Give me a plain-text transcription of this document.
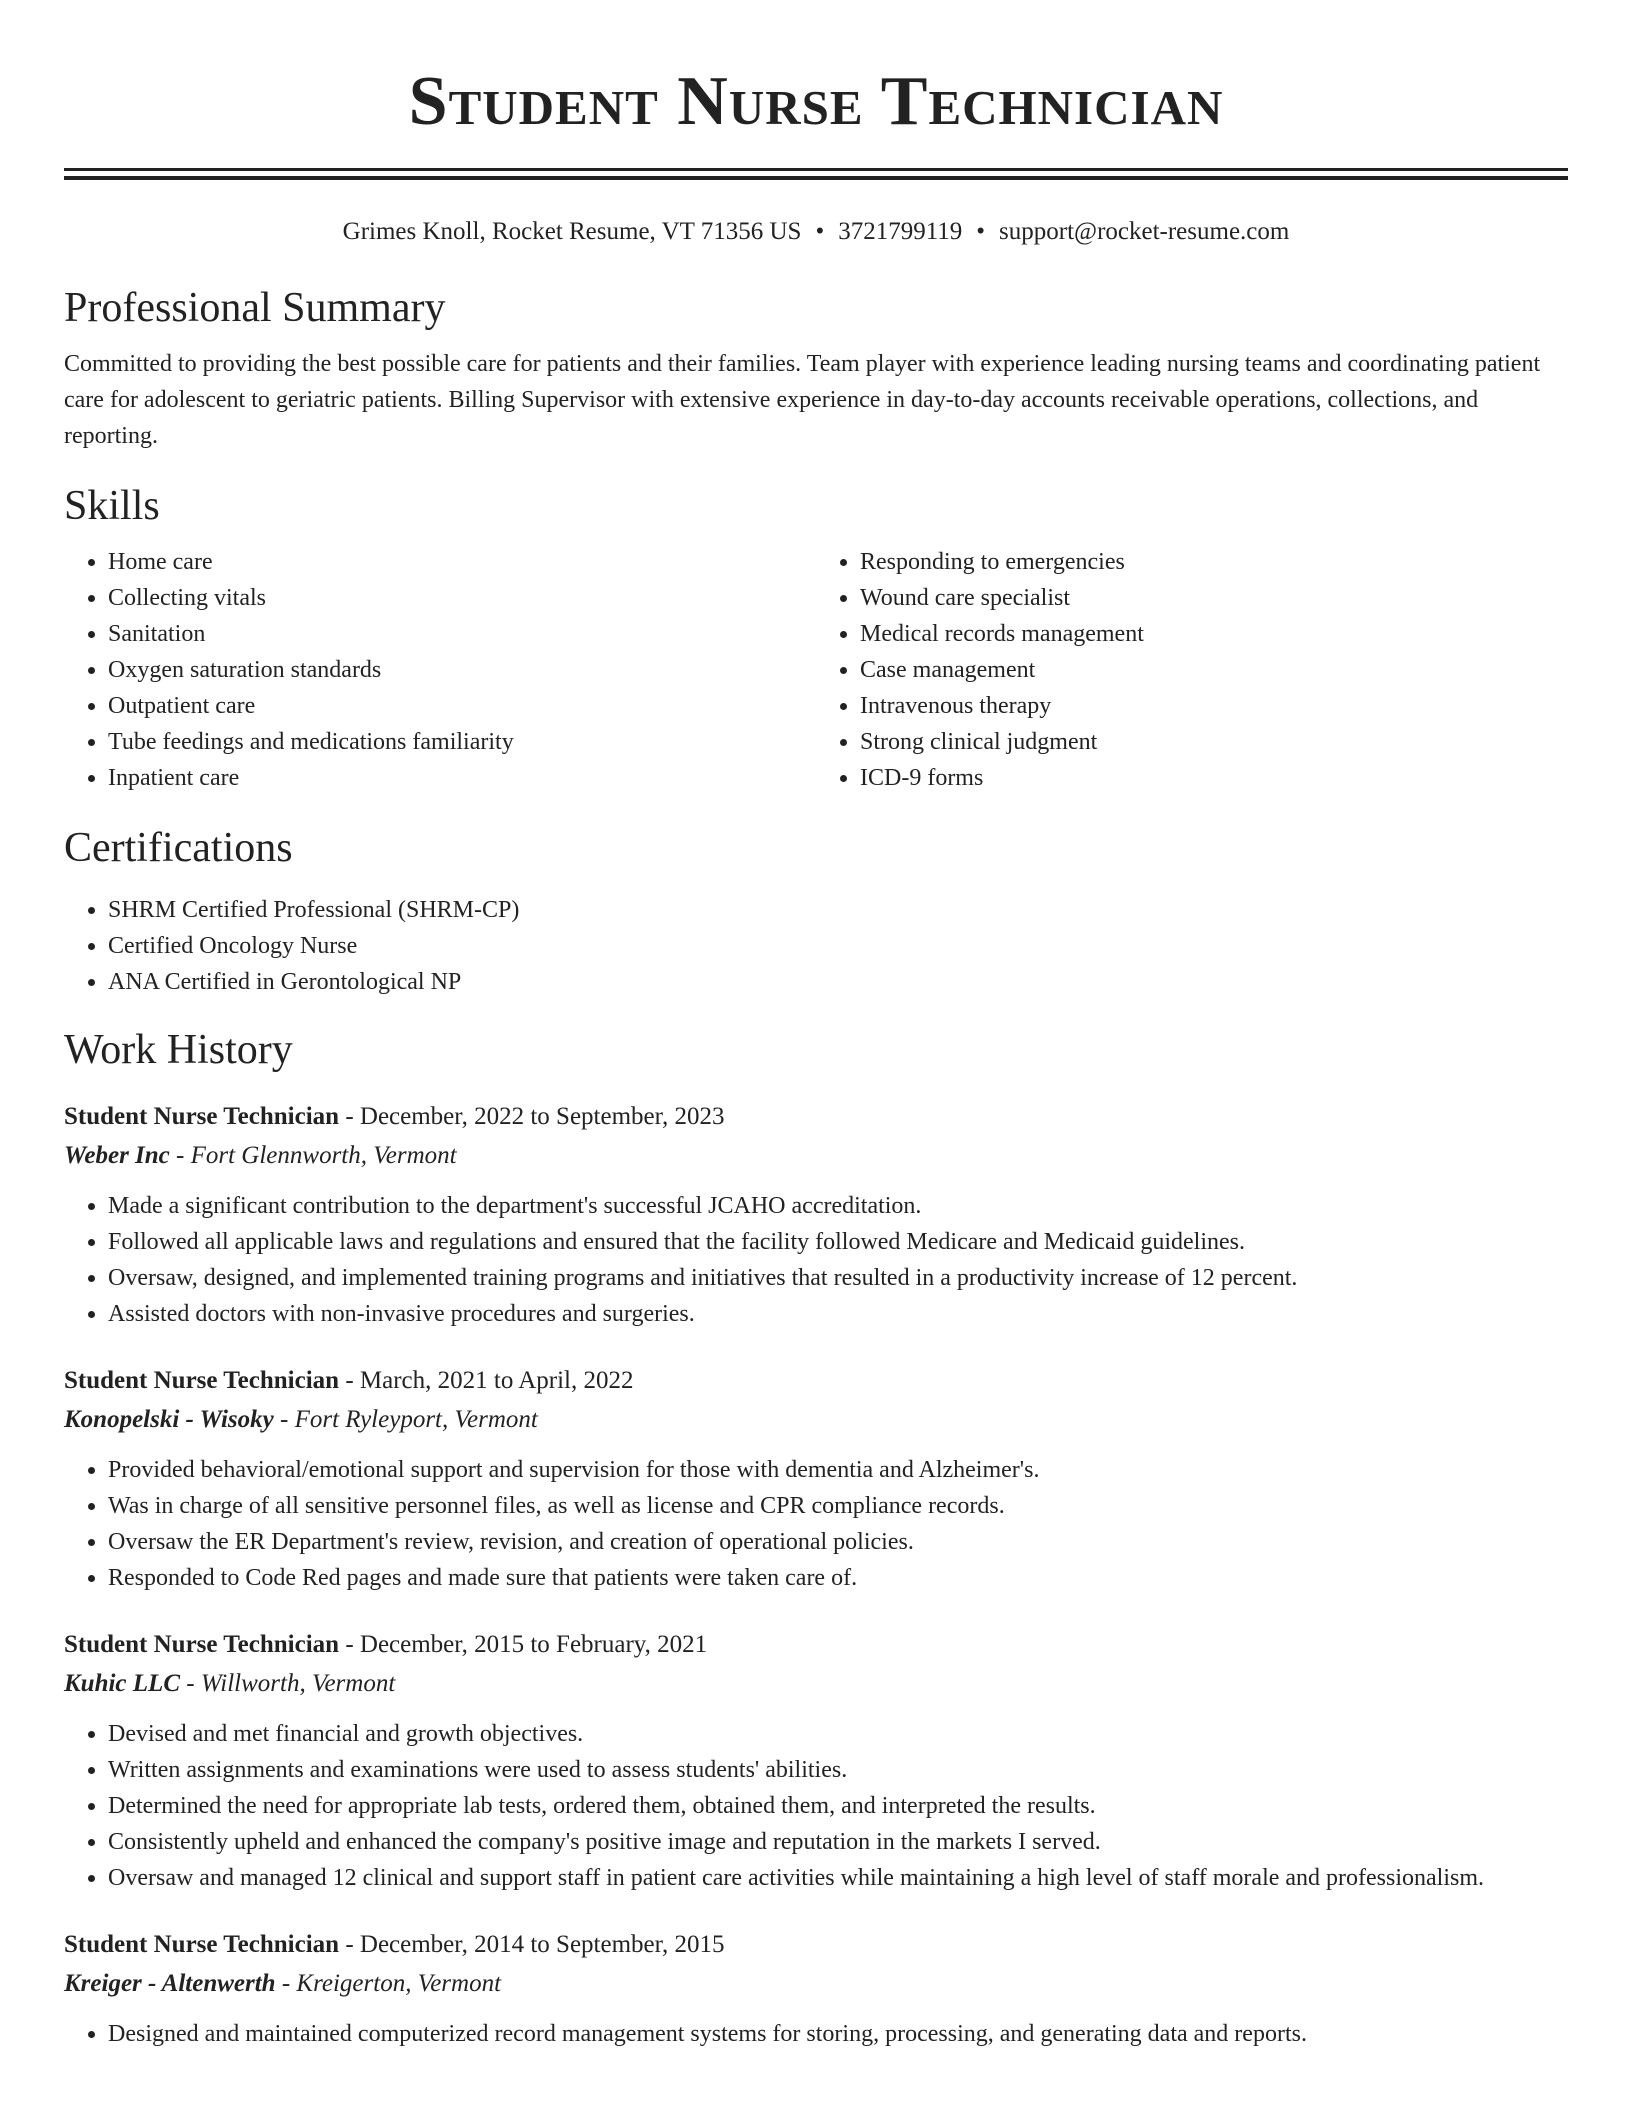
Student Nurse Technician
Grimes Knoll, Rocket Resume, VT 71356 US • 3721799119 • support@rocket-resume.com
Professional Summary

Committed to providing the best possible care for patients and their families. Team player with experience leading nursing teams and coordinating patient care for adolescent to geriatric patients. Billing Supervisor with extensive experience in day-to-day accounts receivable operations, collections, and reporting.

Skills
• Home care
• Collecting vitals
• Sanitation
• Oxygen saturation standards
• Outpatient care
• Tube feedings and medications familiarity
• Inpatient care
• Responding to emergencies
• Wound care specialist
• Medical records management
• Case management
• Intravenous therapy
• Strong clinical judgment
• ICD-9 forms
Certifications
• SHRM Certified Professional (SHRM-CP)
• Certified Oncology Nurse
• ANA Certified in Gerontological NP
Work History
Student Nurse Technician - December, 2022 to September, 2023
Weber Inc - Fort Glennworth, Vermont
• Made a significant contribution to the department's successful JCAHO accreditation.
• Followed all applicable laws and regulations and ensured that the facility followed Medicare and Medicaid guidelines.
• Oversaw, designed, and implemented training programs and initiatives that resulted in a productivity increase of 12 percent.
• Assisted doctors with non-invasive procedures and surgeries.
Student Nurse Technician - March, 2021 to April, 2022
Konopelski - Wisoky - Fort Ryleyport, Vermont
• Provided behavioral/emotional support and supervision for those with dementia and Alzheimer's.
• Was in charge of all sensitive personnel files, as well as license and CPR compliance records.
• Oversaw the ER Department's review, revision, and creation of operational policies.
• Responded to Code Red pages and made sure that patients were taken care of.
Student Nurse Technician - December, 2015 to February, 2021
Kuhic LLC - Willworth, Vermont
• Devised and met financial and growth objectives.
• Written assignments and examinations were used to assess students' abilities.
• Determined the need for appropriate lab tests, ordered them, obtained them, and interpreted the results.
• Consistently upheld and enhanced the company's positive image and reputation in the markets I served.
• Oversaw and managed 12 clinical and support staff in patient care activities while maintaining a high level of staff morale and professionalism.
Student Nurse Technician - December, 2014 to September, 2015
Kreiger - Altenwerth - Kreigerton, Vermont
• Designed and maintained computerized record management systems for storing, processing, and generating data and reports.
